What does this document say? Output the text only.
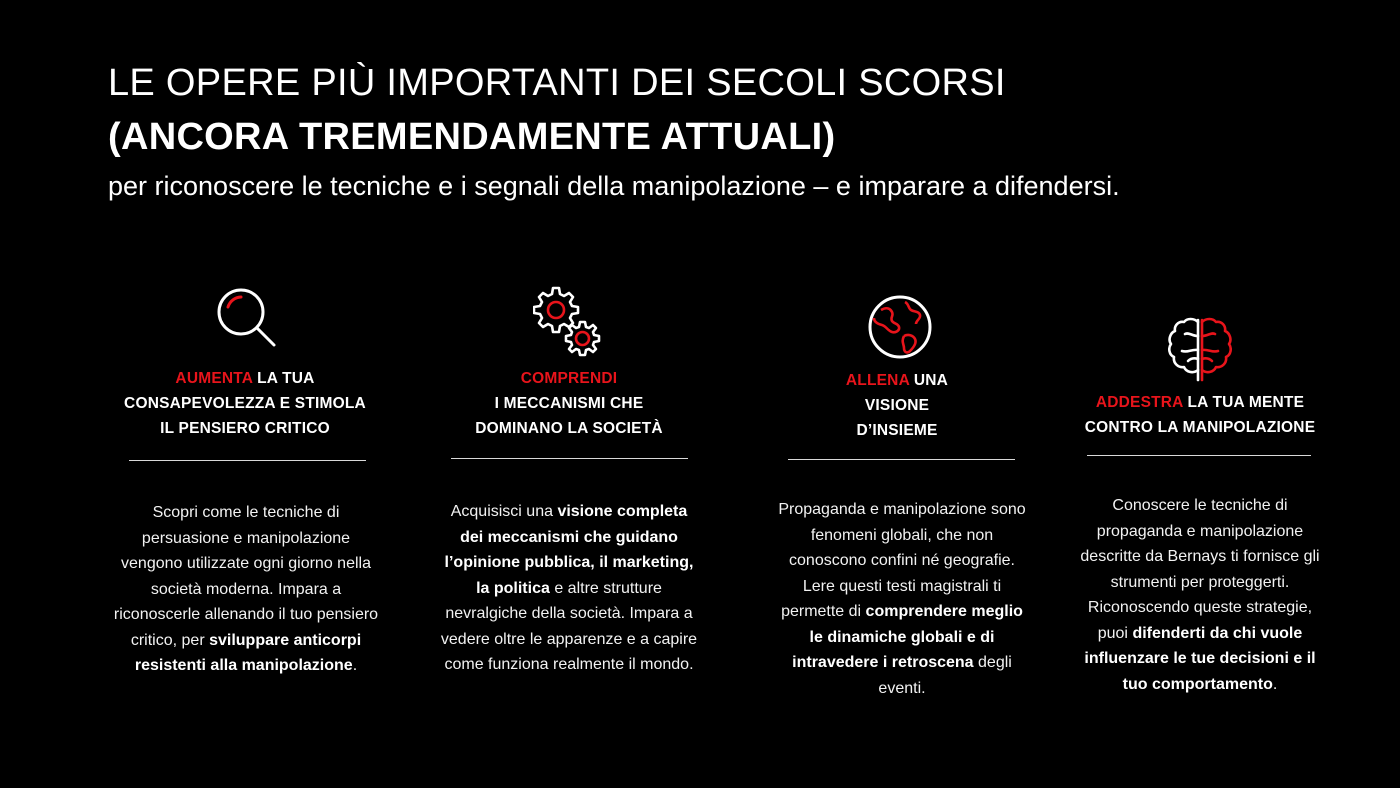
LE OPERE PIÙ IMPORTANTI DEI SECOLI SCORSI
(ANCORA TREMENDAMENTE ATTUALI)
per riconoscere le tecniche e i segnali della manipolazione – e imparare a difendersi.
AUMENTA LA TUA
CONSAPEVOLEZZA E STIMOLA
IL PENSIERO CRITICO
Scopri come le tecniche di persuasione e manipolazione vengono utilizzate ogni giorno nella società moderna. Impara a riconoscerle allenando il tuo pensiero critico, per sviluppare anticorpi resistenti alla manipolazione.
COMPRENDI
I MECCANISMI CHE
DOMINANO LA SOCIETÀ
Acquisisci una visione completa dei meccanismi che guidano l’opinione pubblica, il marketing, la politica e altre strutture nevralgiche della società. Impara a vedere oltre le apparenze e a capire come funziona realmente il mondo.
ALLENA UNA
VISIONE
D’INSIEME
Propaganda e manipolazione sono fenomeni globali, che non conoscono confini né geografie. Lere questi testi magistrali ti permette di comprendere meglio le dinamiche globali e di intravedere i retroscena degli eventi.
ADDESTRA LA TUA MENTE
CONTRO LA MANIPOLAZIONE
Conoscere le tecniche di propaganda e manipolazione descritte da Bernays ti fornisce gli strumenti per proteggerti. Riconoscendo queste strategie, puoi difenderti da chi vuole influenzare le tue decisioni e il tuo comportamento.
